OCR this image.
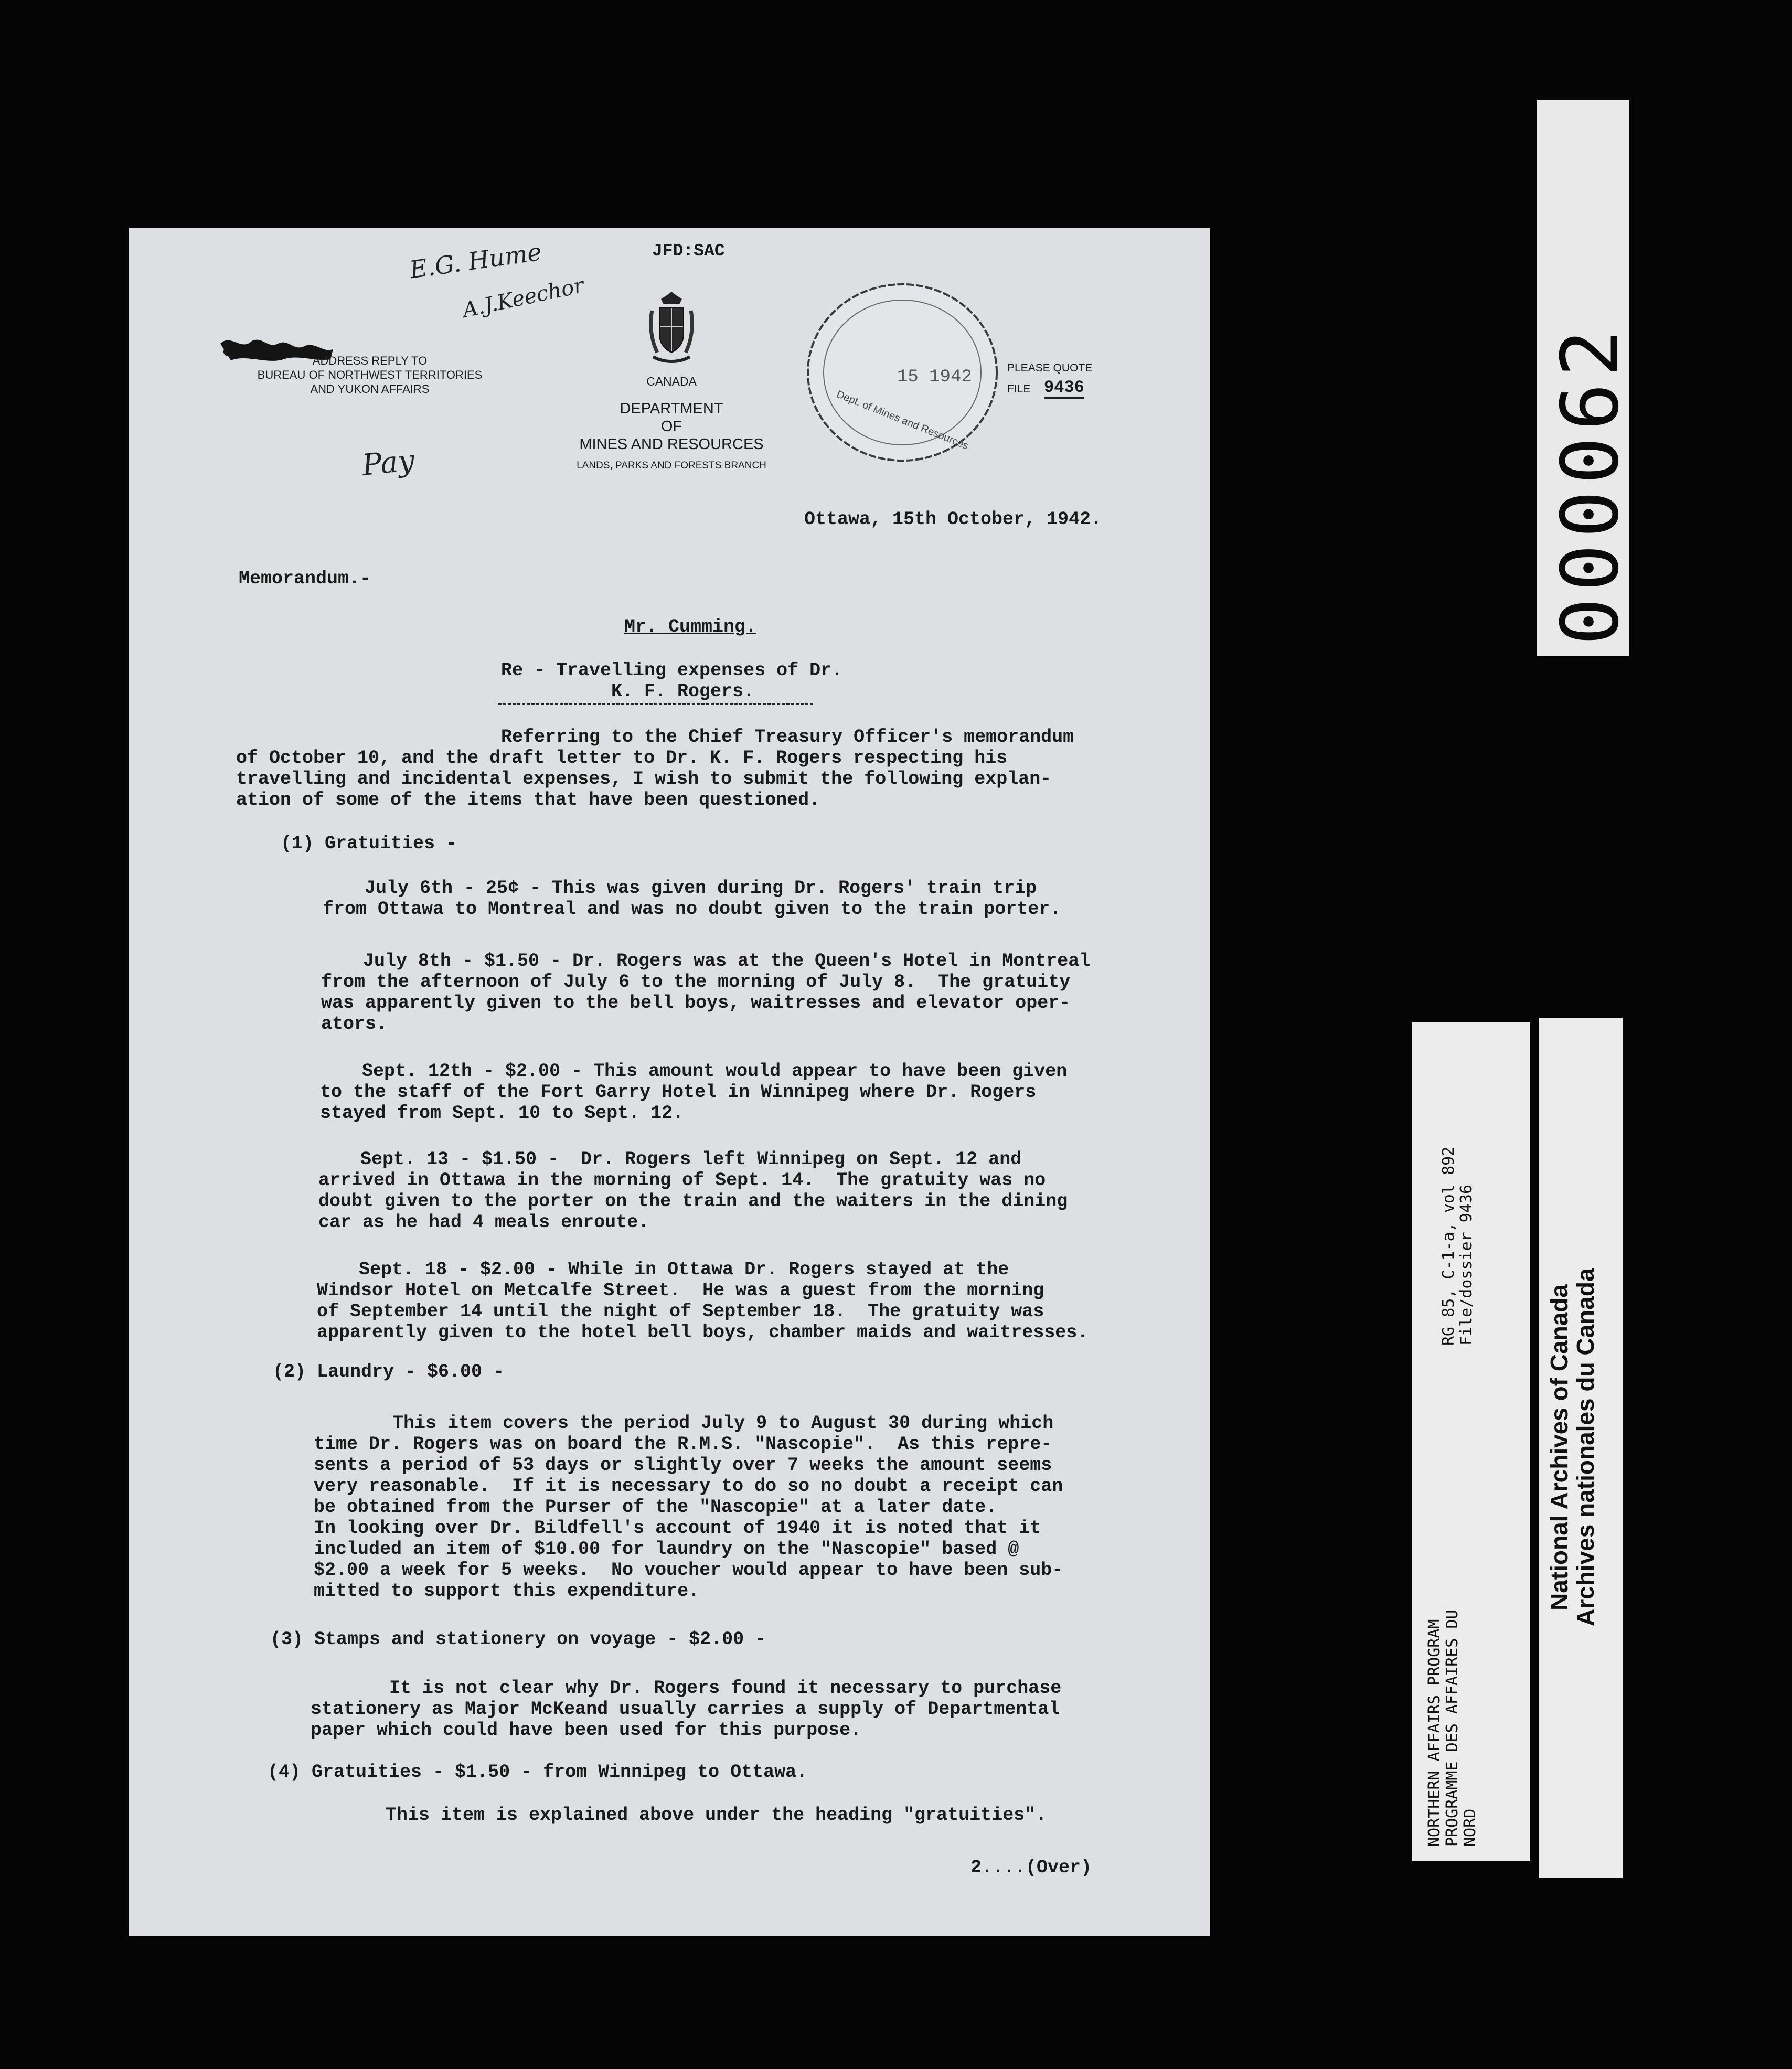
E.G. Hume
A.J.Keechor
Pay
JFD:SAC
ADDRESS REPLY TO
BUREAU OF NORTHWEST TERRITORIES
AND YUKON AFFAIRS
CANADA
DEPARTMENT
OF
MINES AND RESOURCES
LANDS, PARKS AND FORESTS BRANCH
15 1942
Dept. of Mines and Resources
PLEASE QUOTE
FILE 9436
Ottawa, 15th October, 1942.
Memorandum.-
Mr. Cumming.
Re - Travelling expenses of Dr.
K. F. Rogers.
Referring to the Chief Treasury Officer's memorandum
of October 10, and the draft letter to Dr. K. F. Rogers respecting his
travelling and incidental expenses, I wish to submit the following explan-
ation of some of the items that have been questioned.
(1) Gratuities -
July 6th - 25¢ - This was given during Dr. Rogers' train trip
from Ottawa to Montreal and was no doubt given to the train porter.
July 8th - $1.50 - Dr. Rogers was at the Queen's Hotel in Montreal
from the afternoon of July 6 to the morning of July 8.  The gratuity
was apparently given to the bell boys, waitresses and elevator oper-
ators.
Sept. 12th - $2.00 - This amount would appear to have been given
to the staff of the Fort Garry Hotel in Winnipeg where Dr. Rogers
stayed from Sept. 10 to Sept. 12.
Sept. 13 - $1.50 -  Dr. Rogers left Winnipeg on Sept. 12 and
arrived in Ottawa in the morning of Sept. 14.  The gratuity was no
doubt given to the porter on the train and the waiters in the dining
car as he had 4 meals enroute.
Sept. 18 - $2.00 - While in Ottawa Dr. Rogers stayed at the
Windsor Hotel on Metcalfe Street.  He was a guest from the morning
of September 14 until the night of September 18.  The gratuity was
apparently given to the hotel bell boys, chamber maids and waitresses.
(2) Laundry - $6.00 -
This item covers the period July 9 to August 30 during which
time Dr. Rogers was on board the R.M.S. "Nascopie".  As this repre-
sents a period of 53 days or slightly over 7 weeks the amount seems
very reasonable.  If it is necessary to do so no doubt a receipt can
be obtained from the Purser of the "Nascopie" at a later date.
In looking over Dr. Bildfell's account of 1940 it is noted that it
included an item of $10.00 for laundry on the "Nascopie" based @
$2.00 a week for 5 weeks.  No voucher would appear to have been sub-
mitted to support this expenditure.
(3) Stamps and stationery on voyage - $2.00 -
It is not clear why Dr. Rogers found it necessary to purchase
stationery as Major McKeand usually carries a supply of Departmental
paper which could have been used for this purpose.
(4) Gratuities - $1.50 - from Winnipeg to Ottawa.
This item is explained above under the heading "gratuities".
2....(Over)
000062
RG 85, C-1-a, vol 892
File/dossier 9436
NORTHERN AFFAIRS PROGRAM
PROGRAMME DES AFFAIRES DU
NORD
National Archives of Canada
Archives nationales du Canada
